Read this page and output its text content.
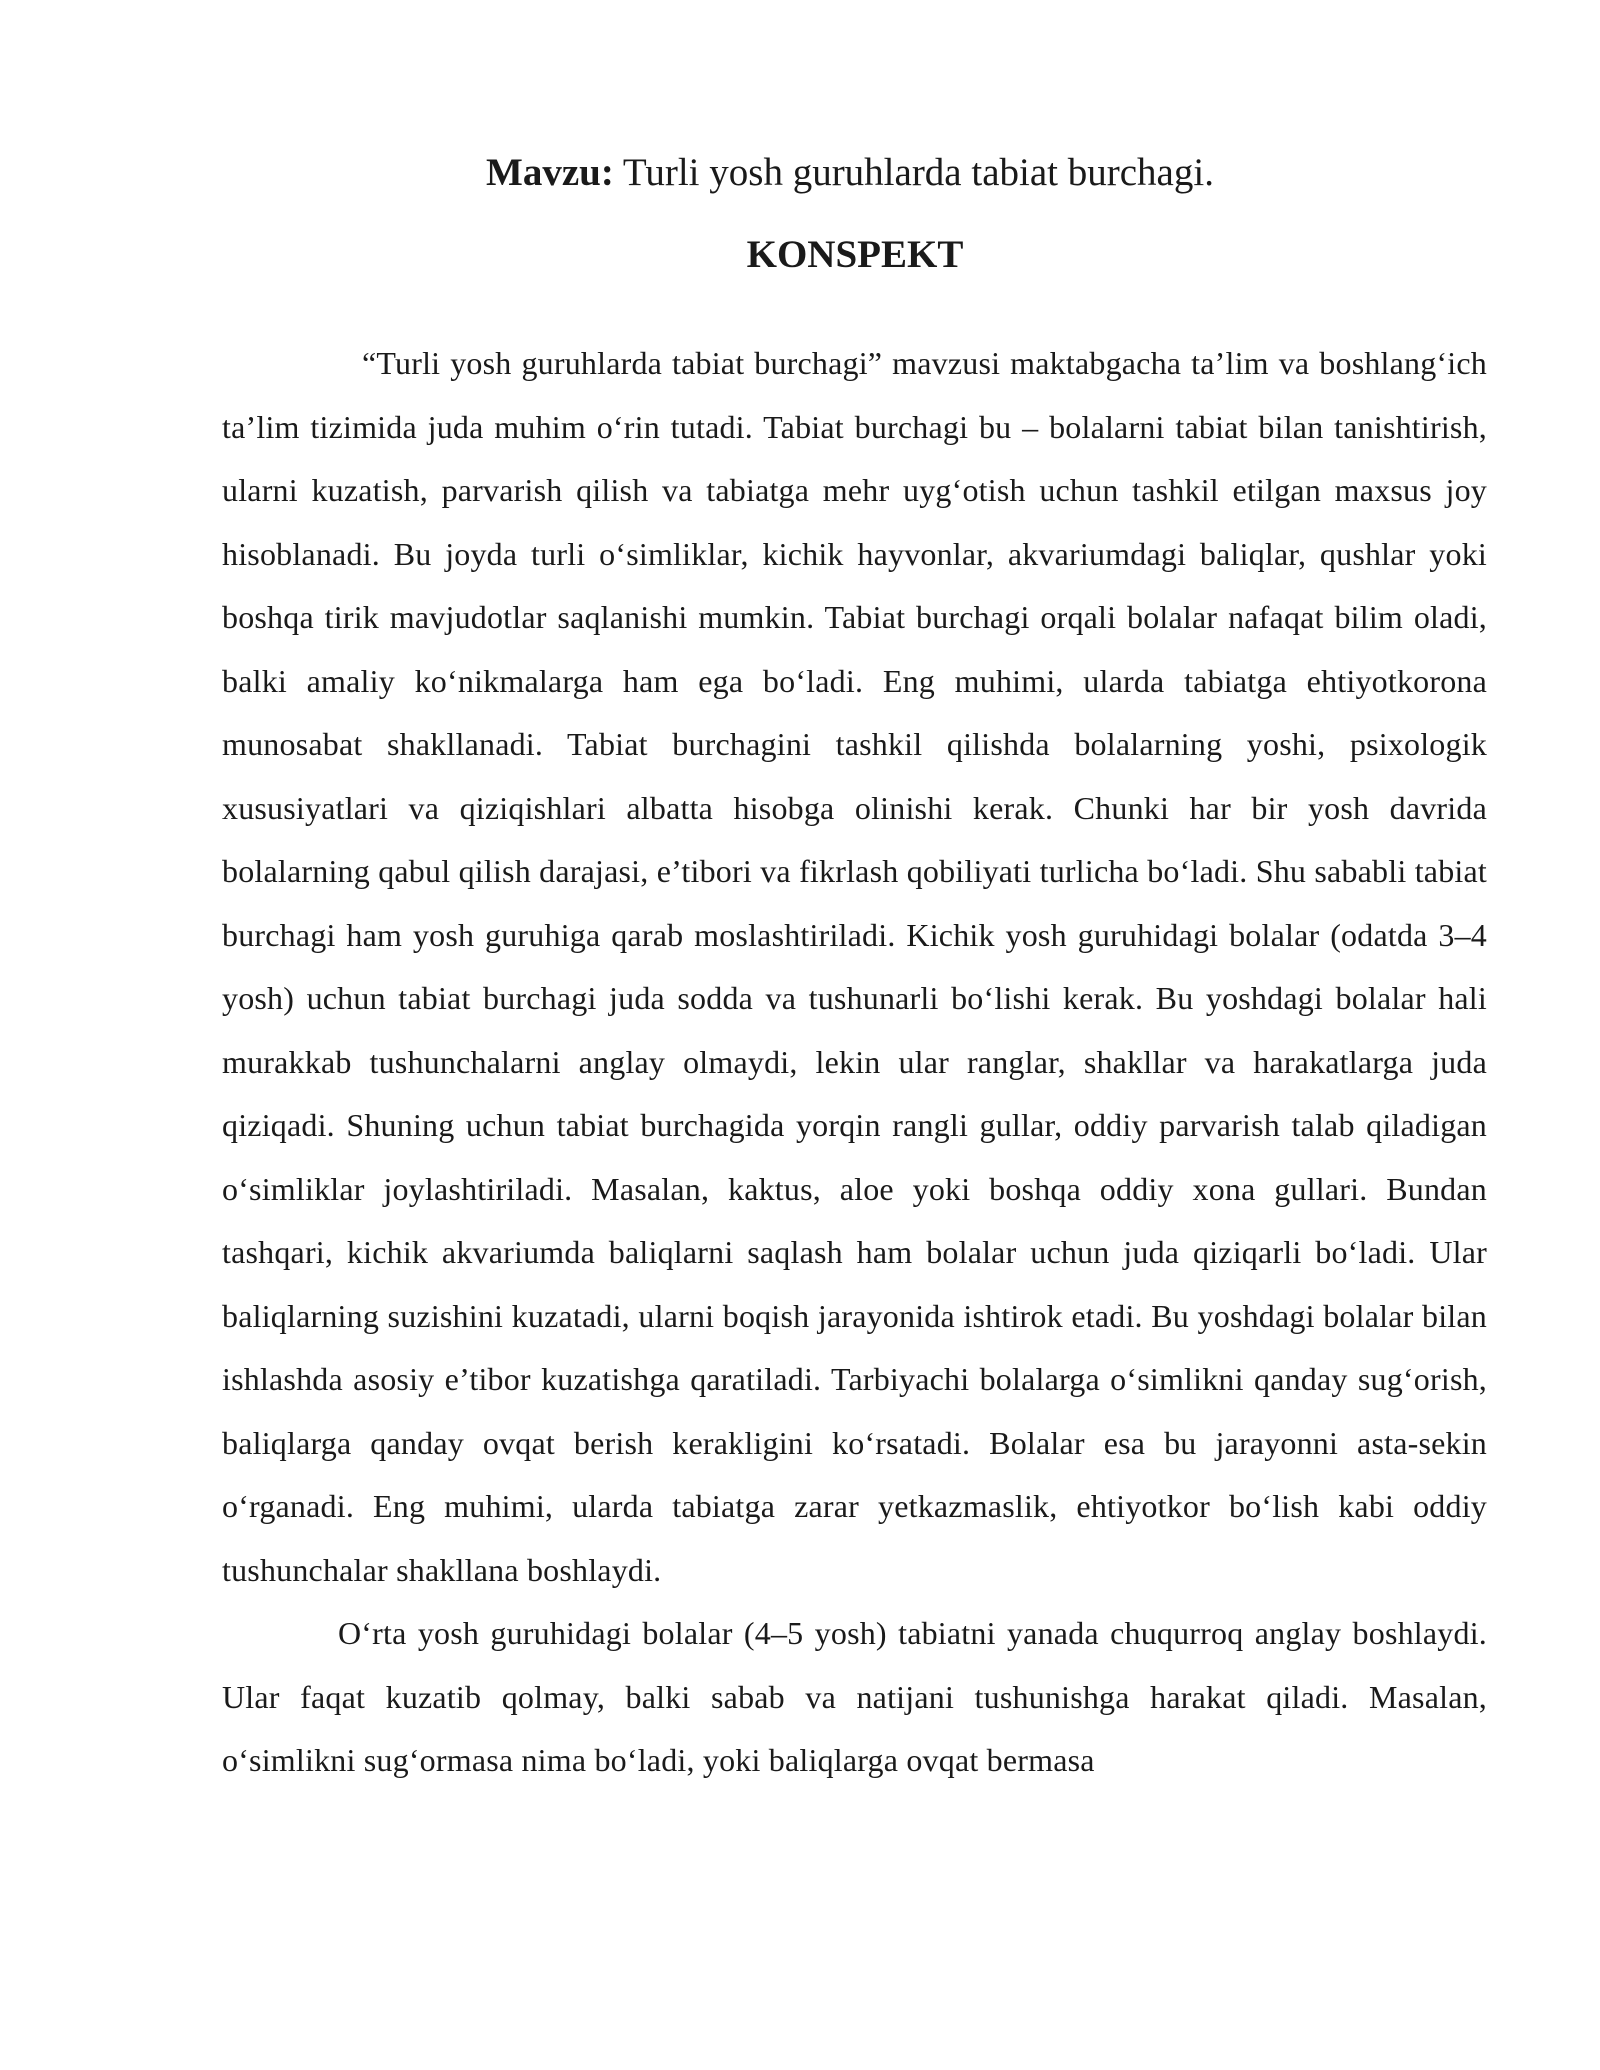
Mavzu: Turli yosh guruhlarda tabiat burchagi.
KONSPEKT

“Turli yosh guruhlarda tabiat burchagi” mavzusi maktabgacha ta’lim va boshlang‘ich ta’lim tizimida juda muhim o‘rin tutadi. Tabiat burchagi bu – bolalarni tabiat bilan tanishtirish, ularni kuzatish, parvarish qilish va tabiatga mehr uyg‘otish uchun tashkil etilgan maxsus joy hisoblanadi. Bu joyda turli o‘simliklar, kichik hayvonlar, akvariumdagi baliqlar, qushlar yoki boshqa tirik mavjudotlar saqlanishi mumkin. Tabiat burchagi orqali bolalar nafaqat bilim oladi, balki amaliy ko‘nikmalarga ham ega bo‘ladi. Eng muhimi, ularda tabiatga ehtiyotkorona munosabat shakllanadi. Tabiat burchagini tashkil qilishda bolalarning yoshi, psixologik xususiyatlari va qiziqishlari albatta hisobga olinishi kerak. Chunki har bir yosh davrida bolalarning qabul qilish darajasi, e’tibori va fikrlash qobiliyati turlicha bo‘ladi. Shu sababli tabiat burchagi ham yosh guruhiga qarab moslashtiriladi. Kichik yosh guruhidagi bolalar (odatda 3–4 yosh) uchun tabiat burchagi juda sodda va tushunarli bo‘lishi kerak. Bu yoshdagi bolalar hali murakkab tushunchalarni anglay olmaydi, lekin ular ranglar, shakllar va harakatlarga juda qiziqadi. Shuning uchun tabiat burchagida yorqin rangli gullar, oddiy parvarish talab qiladigan o‘simliklar joylashtiriladi. Masalan, kaktus, aloe yoki boshqa oddiy xona gullari. Bundan tashqari, kichik akvariumda baliqlarni saqlash ham bolalar uchun juda qiziqarli bo‘ladi. Ular baliqlarning suzishini kuzatadi, ularni boqish jarayonida ishtirok etadi. Bu yoshdagi bolalar bilan ishlashda asosiy e’tibor kuzatishga qaratiladi. Tarbiyachi bolalarga o‘simlikni qanday sug‘orish, baliqlarga qanday ovqat berish kerakligini ko‘rsatadi. Bolalar esa bu jarayonni asta-sekin o‘rganadi. Eng muhimi, ularda tabiatga zarar yetkazmaslik, ehtiyotkor bo‘lish kabi oddiy tushunchalar shakllana boshlaydi.

O‘rta yosh guruhidagi bolalar (4–5 yosh) tabiatni yanada chuqurroq anglay boshlaydi. Ular faqat kuzatib qolmay, balki sabab va natijani tushunishga harakat qiladi. Masalan, o‘simlikni sug‘ormasa nima bo‘ladi, yoki baliqlarga ovqat bermasa
